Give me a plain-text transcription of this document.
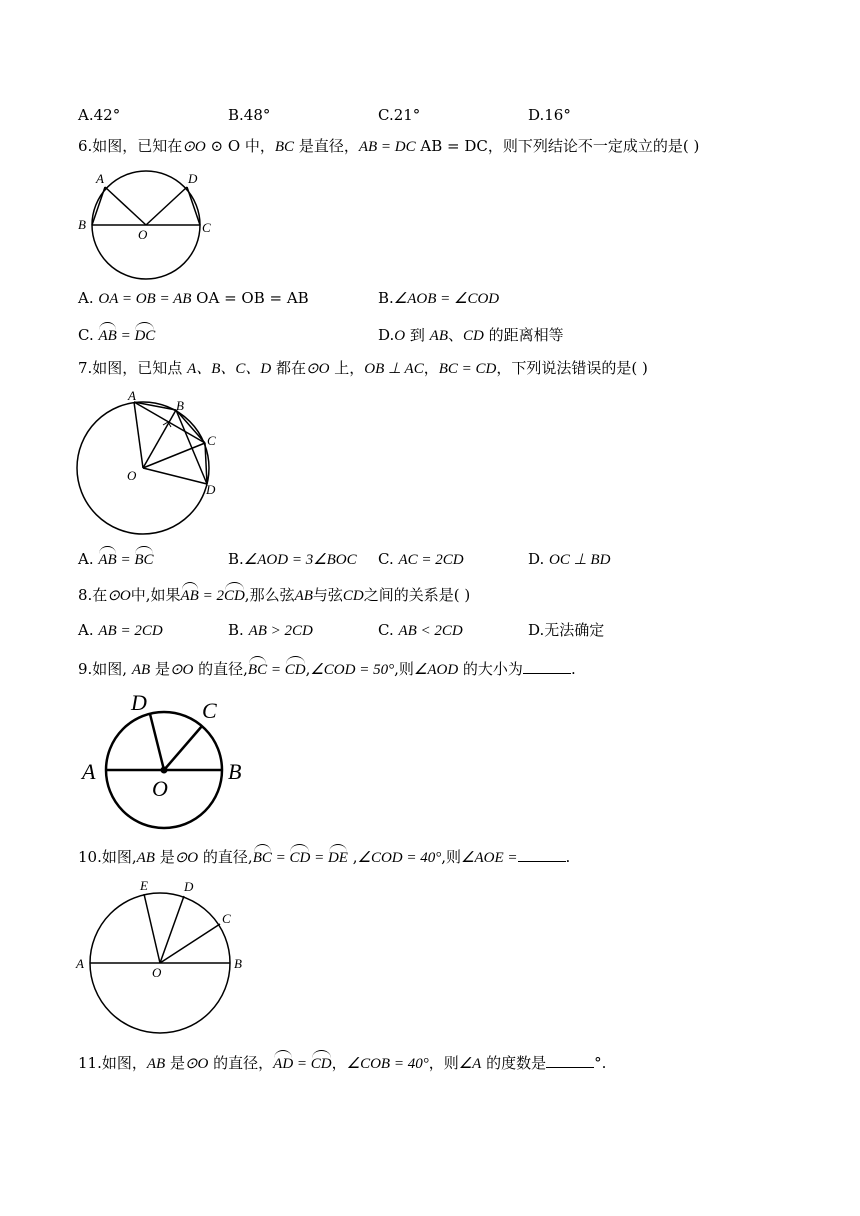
A.42°	B.48°	C.21°	D.16°
6.如图，已知在⊙O ⊙ O 中，BC 是直径，AB = DC AB = DC，则下列结论不一定成立的是( )
A	D
B	C
O
A. OA = OB = AB OA = OB = AB	B.∠AOB = ∠COD
C. AB = DC	D.O 到 AB、CD 的距离相等
7.如图，已知点 A、B、C、D 都在⊙O 上，OB ⊥ AC，BC = CD，下列说法错误的是( )
A
B
C
D
O
A. AB = BC	B.∠AOD = 3∠BOC C. AC = 2CD	D. OC ⊥ BD
8.在⊙O中,如果AB = 2CD,那么弦AB与弦CD之间的关系是( )
A. AB = 2CD	B. AB > 2CD	C. AB < 2CD	D.无法确定
9.如图, AB 是⊙O 的直径,BC = CD,∠COD = 50°,则∠AOD 的大小为	.
D	C
A	B
O
10.如图,AB 是⊙O 的直径,BC = CD = DE ,∠COD = 40°,则∠AOE =	.
E	D
C
A	B
O
11.如图，AB 是⊙O 的直径，AD = CD，∠COB = 40°，则∠A 的度数是	°.
